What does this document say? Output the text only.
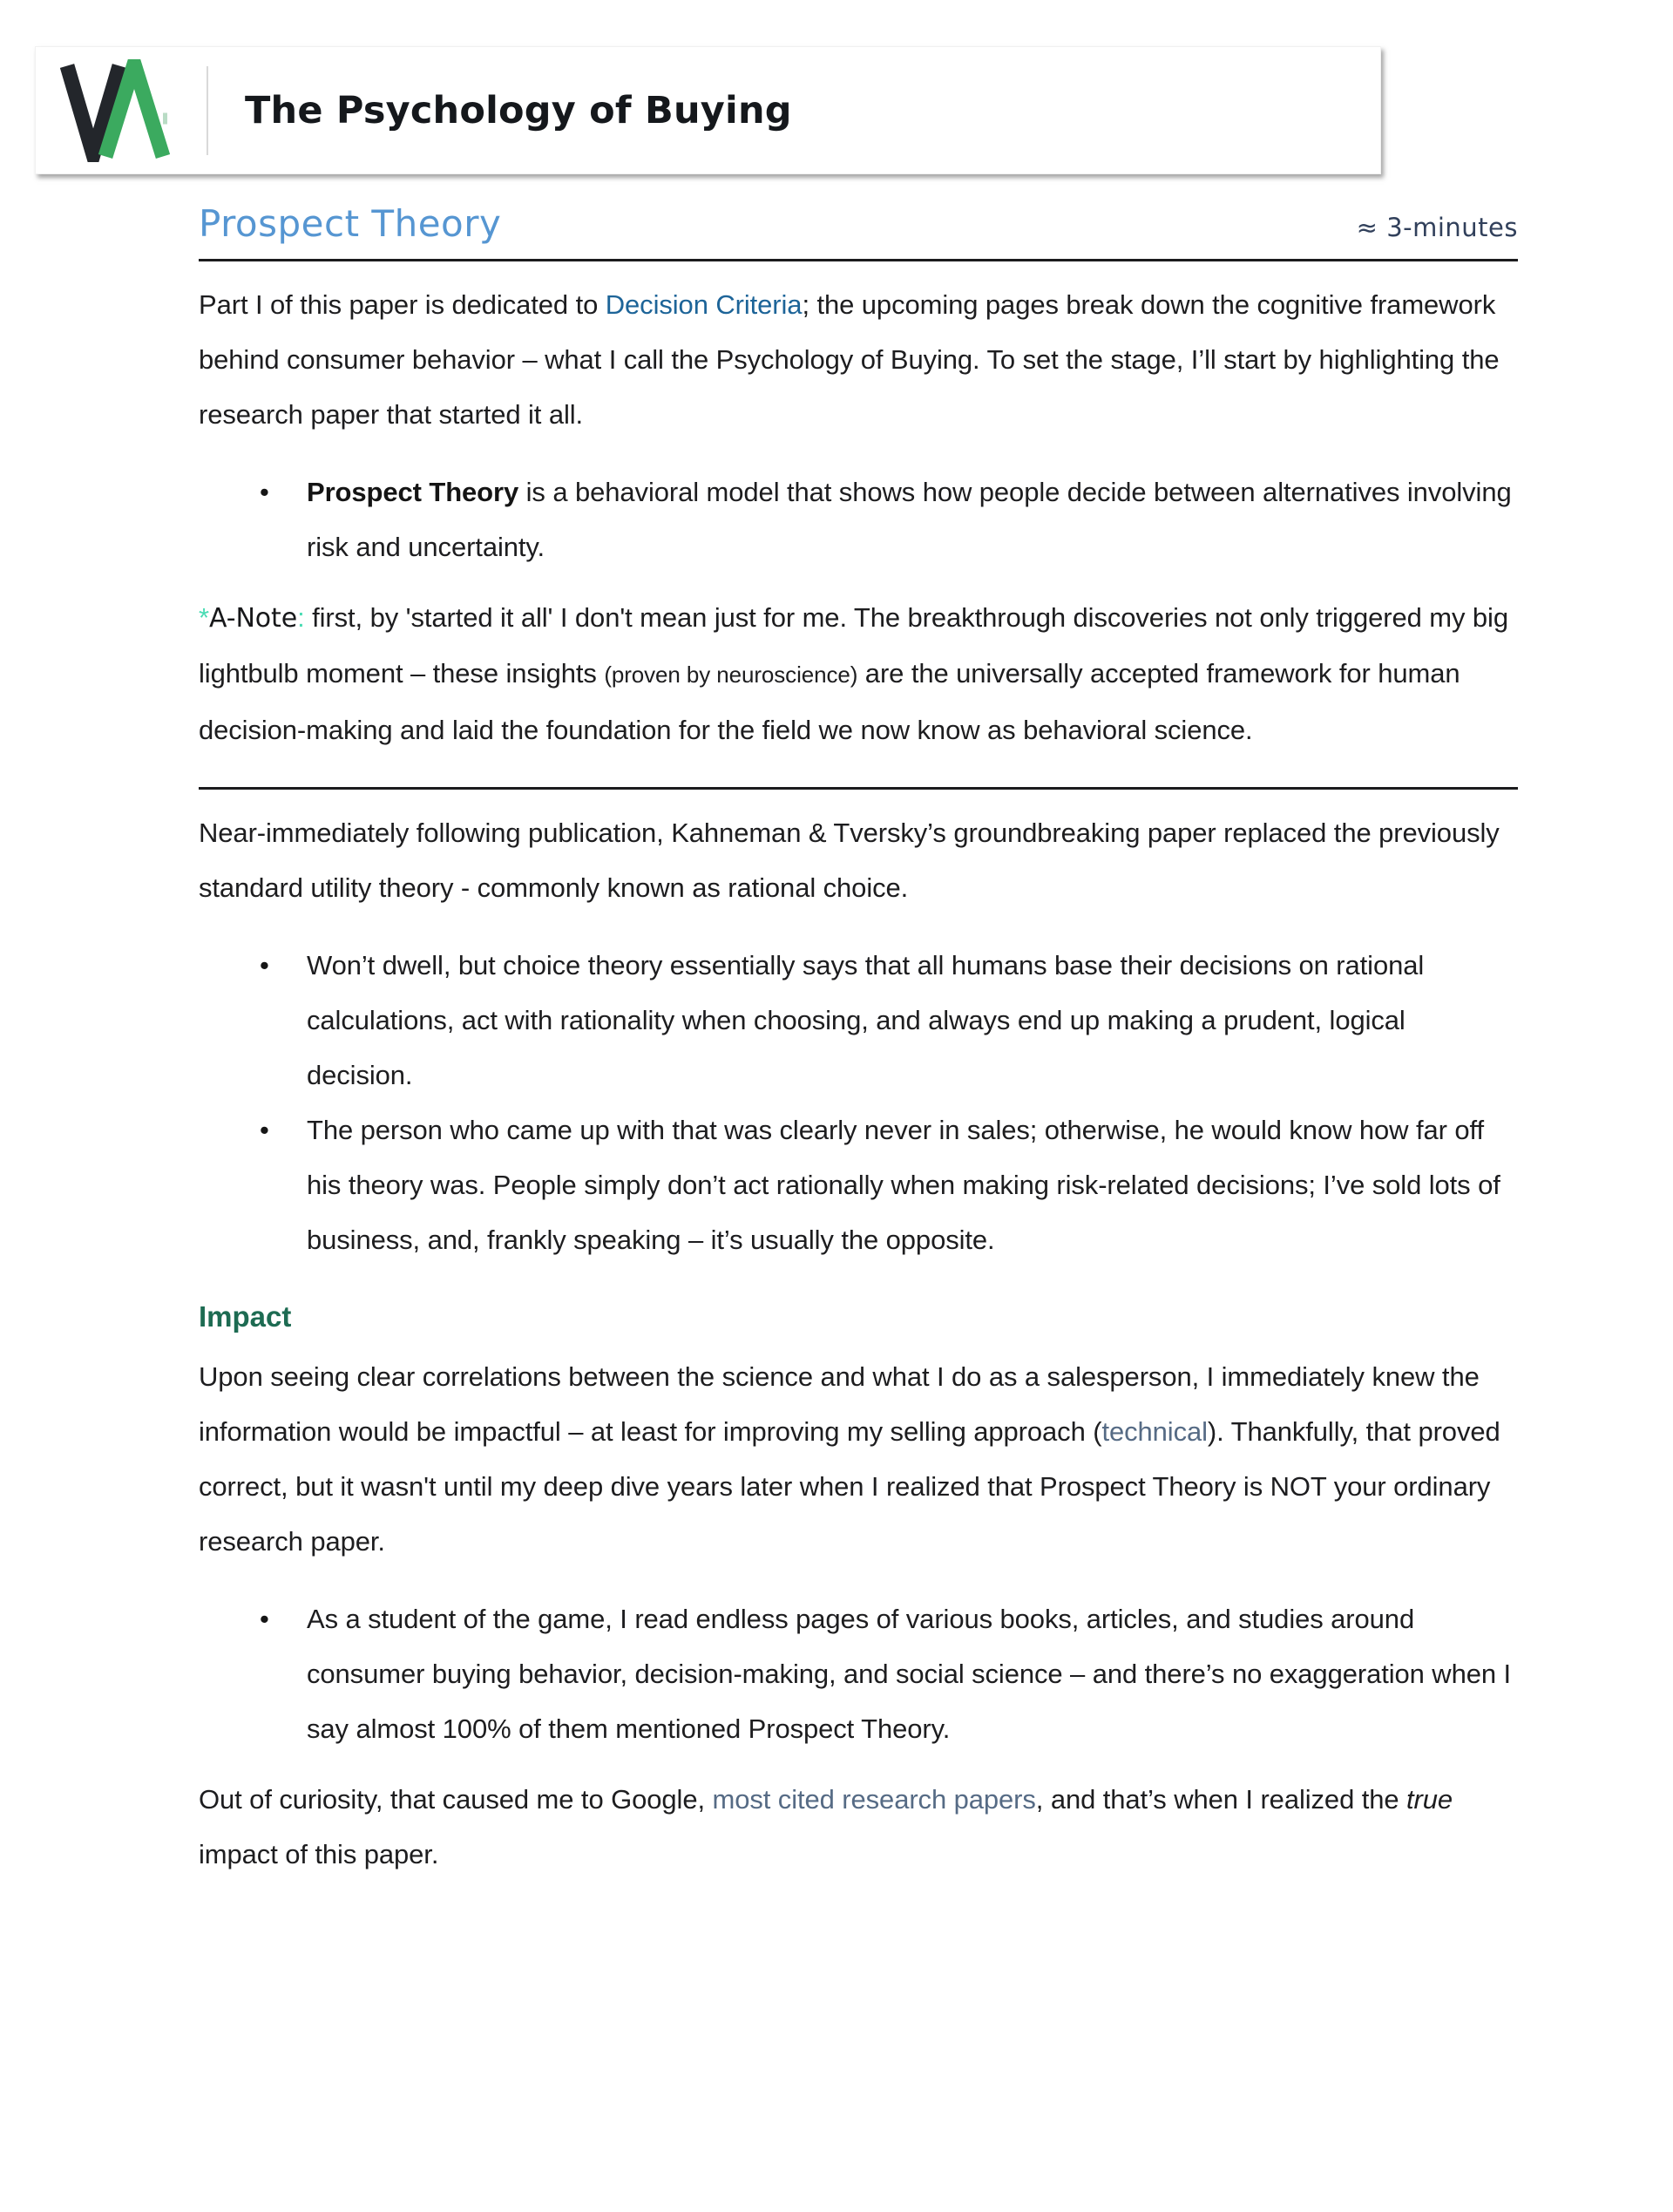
The Psychology of Buying
Prospect Theory	≈ 3-minutes

Part I of this paper is dedicated to Decision Criteria; the upcoming pages break down the cognitive framework behind consumer behavior – what I call the Psychology of Buying. To set the stage, I’ll start by highlighting the research paper that started it all.

• Prospect Theory is a behavioral model that shows how people decide between alternatives involving risk and uncertainty.

*A-Note: first, by 'started it all' I don't mean just for me. The breakthrough discoveries not only triggered my big lightbulb moment – these insights (proven by neuroscience) are the universally accepted framework for human decision-making and laid the foundation for the field we now know as behavioral science.

Near-immediately following publication, Kahneman & Tversky’s groundbreaking paper replaced the previously standard utility theory - commonly known as rational choice.

• Won’t dwell, but choice theory essentially says that all humans base their decisions on rational calculations, act with rationality when choosing, and always end up making a prudent, logical decision.
• The person who came up with that was clearly never in sales; otherwise, he would know how far off his theory was. People simply don’t act rationally when making risk-related decisions; I’ve sold lots of business, and, frankly speaking – it’s usually the opposite.
Impact

Upon seeing clear correlations between the science and what I do as a salesperson, I immediately knew the information would be impactful – at least for improving my selling approach (technical). Thankfully, that proved correct, but it wasn't until my deep dive years later when I realized that Prospect Theory is NOT your ordinary research paper.

• As a student of the game, I read endless pages of various books, articles, and studies around consumer buying behavior, decision-making, and social science – and there’s no exaggeration when I say almost 100% of them mentioned Prospect Theory.

Out of curiosity, that caused me to Google, most cited research papers, and that’s when I realized the true impact of this paper.
